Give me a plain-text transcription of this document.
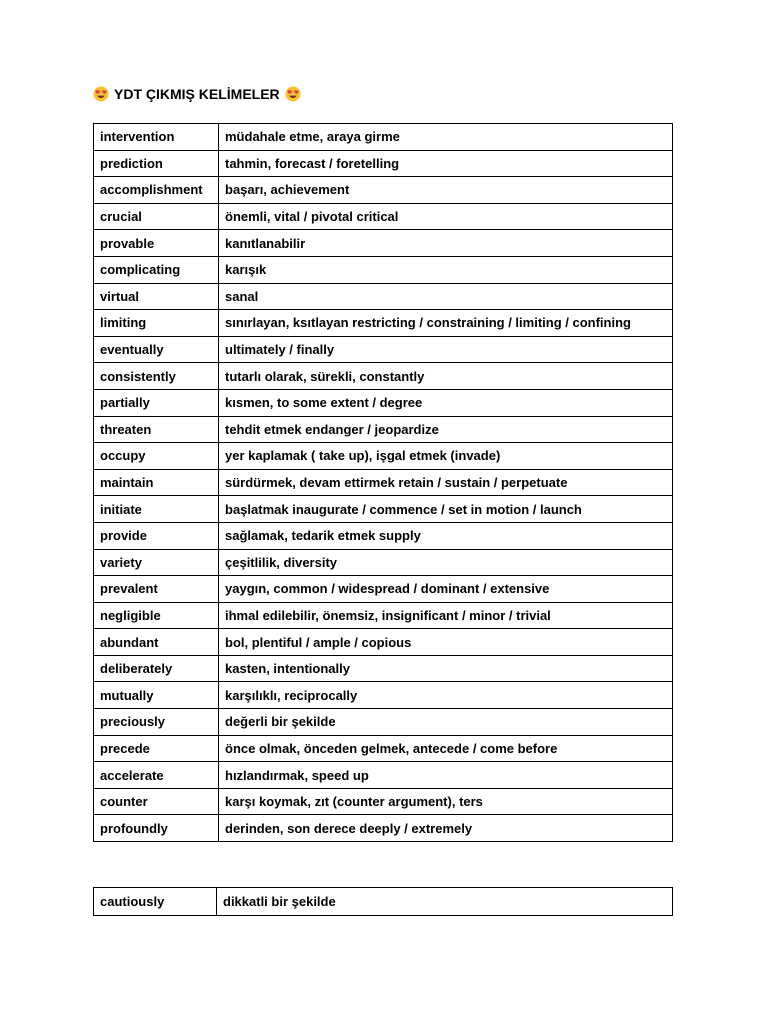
YDT ÇIKMIŞ KELİMELER
intervention	müdahale etme, araya girme
prediction	tahmin, forecast / foretelling
accomplishment	başarı, achievement
crucial	önemli, vital / pivotal critical
provable	kanıtlanabilir
complicating	karışık
virtual	sanal
limiting	sınırlayan, ksıtlayan restricting / constraining / limiting / confining
eventually	ultimately / finally
consistently	tutarlı olarak, sürekli, constantly
partially	kısmen, to some extent / degree
threaten	tehdit etmek endanger / jeopardize
occupy	yer kaplamak ( take up), işgal etmek (invade)
maintain	sürdürmek, devam ettirmek retain / sustain / perpetuate
initiate	başlatmak inaugurate / commence / set in motion / launch
provide	sağlamak, tedarik etmek supply
variety	çeşitlilik, diversity
prevalent	yaygın, common / widespread / dominant / extensive
negligible	ihmal edilebilir, önemsiz, insignificant / minor / trivial
abundant	bol, plentiful / ample / copious
deliberately	kasten, intentionally
mutually	karşılıklı, reciprocally
preciously	değerli bir şekilde
precede	önce olmak, önceden gelmek, antecede / come before
accelerate	hızlandırmak, speed up
counter	karşı koymak, zıt (counter argument), ters
profoundly	derinden, son derece deeply / extremely
cautiously	dikkatli bir şekilde
